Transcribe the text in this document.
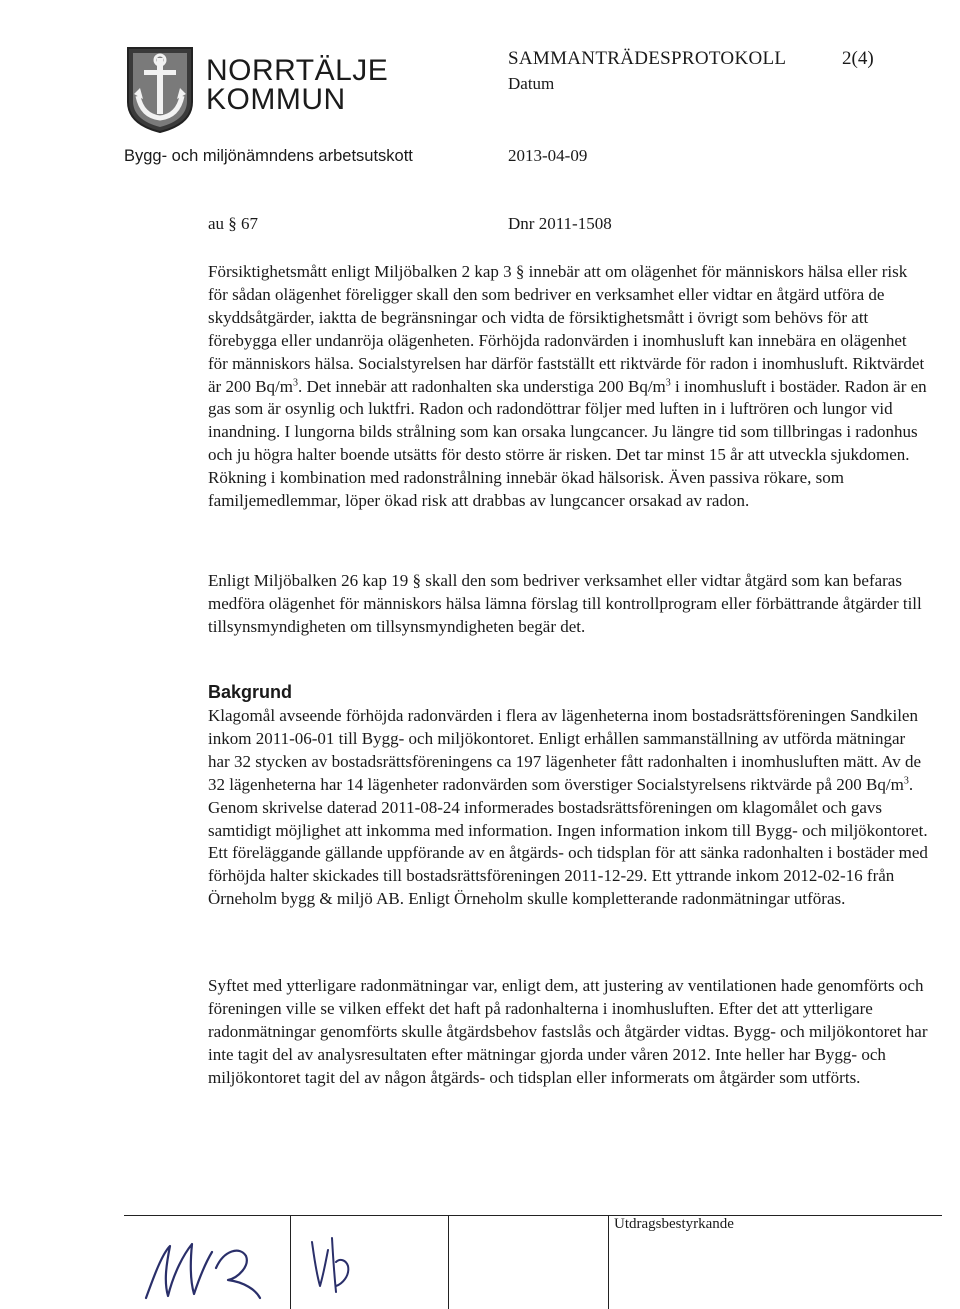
NORRTÄLJE
KOMMUN
Bygg- och miljönämndens arbetsutskott
SAMMANTRÄDESPROTOKOLL	2(4)
Datum
2013-04-09
au § 67	Dnr 2011-1508

Försiktighetsmått enligt Miljöbalken 2 kap 3 § innebär att om olägenhet för människors hälsa eller risk för sådan olägenhet föreligger skall den som bedriver en verksamhet eller vidtar en åtgärd utföra de skyddsåtgärder, iaktta de begränsningar och vidta de försiktighetsmått i övrigt som behövs för att förebygga eller undanröja olägenheten. Förhöjda radonvärden i inomhusluft kan innebära en olägenhet för människors hälsa. Socialstyrelsen har därför fastställt ett riktvärde för radon i inomhusluft. Riktvärdet är 200 $Bq/m^3$. Det innebär att radonhalten ska understiga 200 $Bq/m^3$ i inomhusluft i bostäder. Radon är en gas som är osynlig och luktfri. Radon och radondöttrar följer med luften in i luftrören och lungor vid inandning. I lungorna bilds strålning som kan orsaka lungcancer. Ju längre tid som tillbringas i radonhus och ju högra halter boende utsätts för desto större är risken. Det tar minst 15 år att utveckla sjukdomen. Rökning i kombination med radonstrålning innebär ökad hälsorisk. Även passiva rökare, som familjemedlemmar, löper ökad risk att drabbas av lungcancer orsakad av radon.

Enligt Miljöbalken 26 kap 19 § skall den som bedriver verksamhet eller vidtar åtgärd som kan befaras medföra olägenhet för människors hälsa lämna förslag till kontrollprogram eller förbättrande åtgärder till tillsynsmyndigheten om tillsynsmyndigheten begär det.

Bakgrund

Klagomål avseende förhöjda radonvärden i flera av lägenheterna inom bostadsrättsföreningen Sandkilen inkom 2011-06-01 till Bygg- och miljökontoret. Enligt erhållen sammanställning av utförda mätningar har 32 stycken av bostadsrättsföreningens ca 197 lägenheter fått radonhalten i inomhusluften mätt. Av de 32 lägenheterna har 14 lägenheter radonvärden som överstiger Socialstyrelsens riktvärde på 200 $Bq/m^3$. Genom skrivelse daterad 2011-08-24 informerades bostadsrättsföreningen om klagomålet och gavs samtidigt möjlighet att inkomma med information. Ingen information inkom till Bygg- och miljökontoret. Ett föreläggande gällande uppförande av en åtgärds- och tidsplan för att sänka radonhalten i bostäder med förhöjda halter skickades till bostadsrättsföreningen 2011-12-29. Ett yttrande inkom 2012-02-16 från Örneholm bygg & miljö AB. Enligt Örneholm skulle kompletterande radonmätningar utföras.

Syftet med ytterligare radonmätningar var, enligt dem, att justering av ventilationen hade genomförts och föreningen ville se vilken effekt det haft på radonhalterna i inomhusluften. Efter det att ytterligare radonmätningar genomförts skulle åtgärdsbehov fastslås och åtgärder vidtas. Bygg- och miljökontoret har inte tagit del av analysresultaten efter mätningar gjorda under våren 2012. Inte heller har Bygg- och miljökontoret tagit del av någon åtgärds- och tidsplan eller informerats om åtgärder som utförts.

Utdragsbestyrkande
